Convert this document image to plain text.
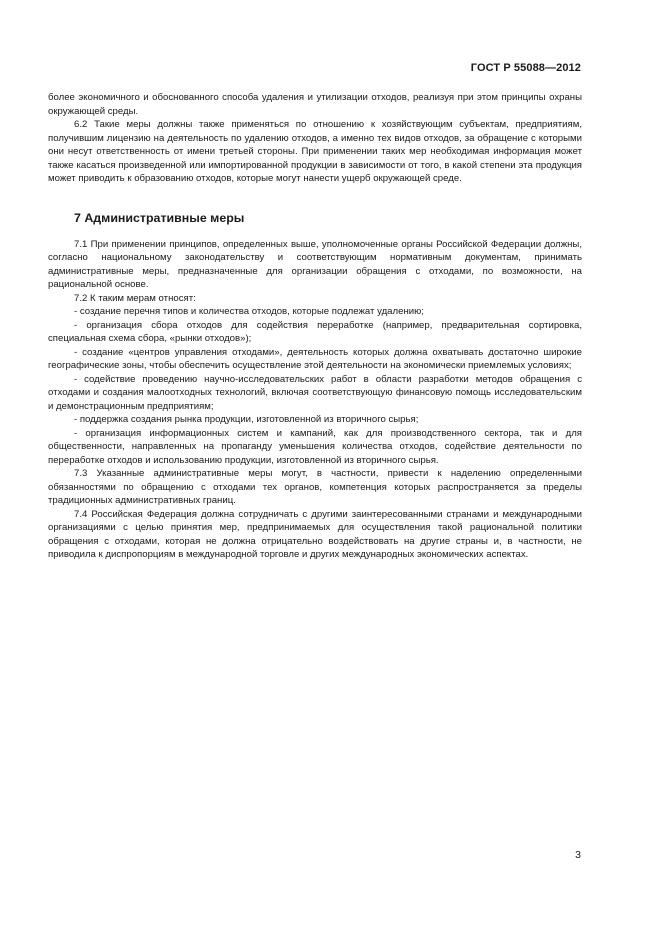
ГОСТ Р 55088—2012

более экономичного и обоснованного способа удаления и утилизации отходов, реализуя при этом принципы охраны окружающей среды.

6.2 Такие меры должны также применяться по отношению к хозяйствующим субъектам, предприятиям, получившим лицензию на деятельность по удалению отходов, а именно тех видов отходов, за обращение с которыми они несут ответственность от имени третьей стороны. При применении таких мер необходимая информация может также касаться произведенной или импортированной продукции в зависимости от того, в какой степени эта продукция может приводить к образованию отходов, которые могут нанести ущерб окружающей среде.

7 Административные меры

7.1 При применении принципов, определенных выше, уполномоченные органы Российской Федерации должны, согласно национальному законодательству и соответствующим нормативным документам, принимать административные меры, предназначенные для организации обращения с отходами, по возможности, на рациональной основе.

7.2 К таким мерам относят:

- создание перечня типов и количества отходов, которые подлежат удалению;

- организация сбора отходов для содействия переработке (например, предварительная сортировка, специальная схема сбора, «рынки отходов»);

- создание «центров управления отходами», деятельность которых должна охватывать достаточно широкие географические зоны, чтобы обеспечить осуществление этой деятельности на экономически приемлемых условиях;

- содействие проведению научно-исследовательских работ в области разработки методов обращения с отходами и создания малоотходных технологий, включая соответствующую финансовую помощь исследовательским и демонстрационным предприятиям;

- поддержка создания рынка продукции, изготовленной из вторичного сырья;

- организация информационных систем и кампаний, как для производственного сектора, так и для общественности, направленных на пропаганду уменьшения количества отходов, содействие деятельности по переработке отходов и использованию продукции, изготовленной из вторичного сырья.

7.3 Указанные административные меры могут, в частности, привести к наделению определенными обязанностями по обращению с отходами тех органов, компетенция которых распространяется за пределы традиционных административных границ.

7.4 Российская Федерация должна сотрудничать с другими заинтересованными странами и международными организациями с целью принятия мер, предпринимаемых для осуществления такой рациональной политики обращения с отходами, которая не должна отрицательно воздействовать на другие страны и, в частности, не приводила к диспропорциям в международной торговле и других международных экономических аспектах.

3
